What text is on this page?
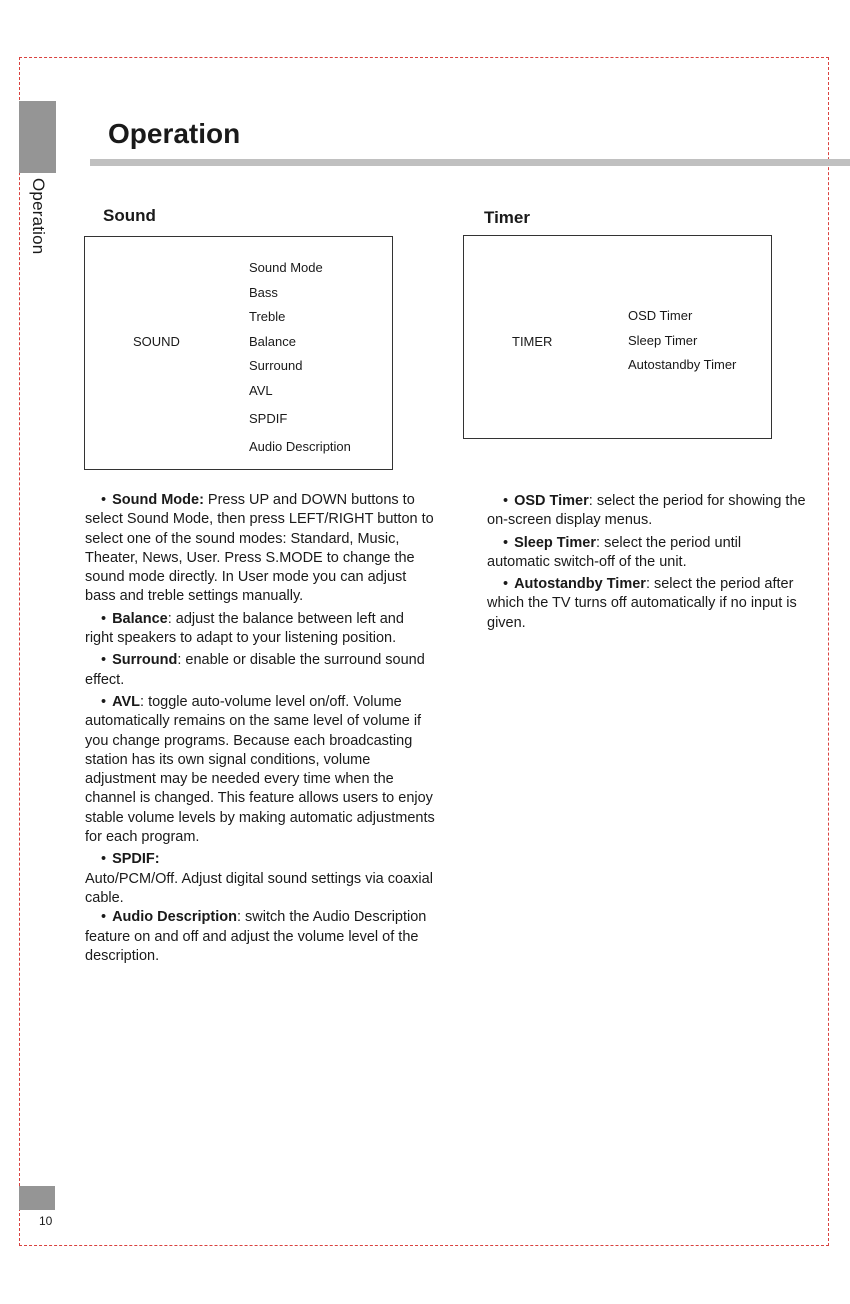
Operation
Operation
Sound
SOUND
Sound Mode
Bass
Treble
Balance
Surround
AVL
SPDIF
Audio Description
Timer
TIMER
OSD Timer
Sleep Timer
Autostandby Timer

• Sound Mode: Press UP and DOWN buttons to select Sound Mode, then press LEFT/RIGHT button to select one of the sound modes: Standard, Music, Theater, News, User. Press S.MODE to change the sound mode directly. In User mode you can adjust bass and treble settings manually.

• Balance: adjust the balance between left and right speakers to adapt to your listening position.

• Surround: enable or disable the surround sound effect.

• AVL: toggle auto-volume level on/off. Volume automatically remains on the same level of volume if you change programs. Because each broadcasting station has its own signal conditions, volume adjustment may be needed every time when the channel is changed. This feature allows users to enjoy stable volume levels by making automatic adjustments for each program.

• SPDIF:
Auto/PCM/Off. Adjust digital sound settings via coaxial cable.

• Audio Description: switch the Audio Description feature on and off and adjust the volume level of the description.

• OSD Timer: select the period for showing the on-screen display menus.

• Sleep Timer: select the period until automatic switch-off of the unit.

• Autostandby Timer: select the period after which the TV turns off automatically if no input is given.

10
